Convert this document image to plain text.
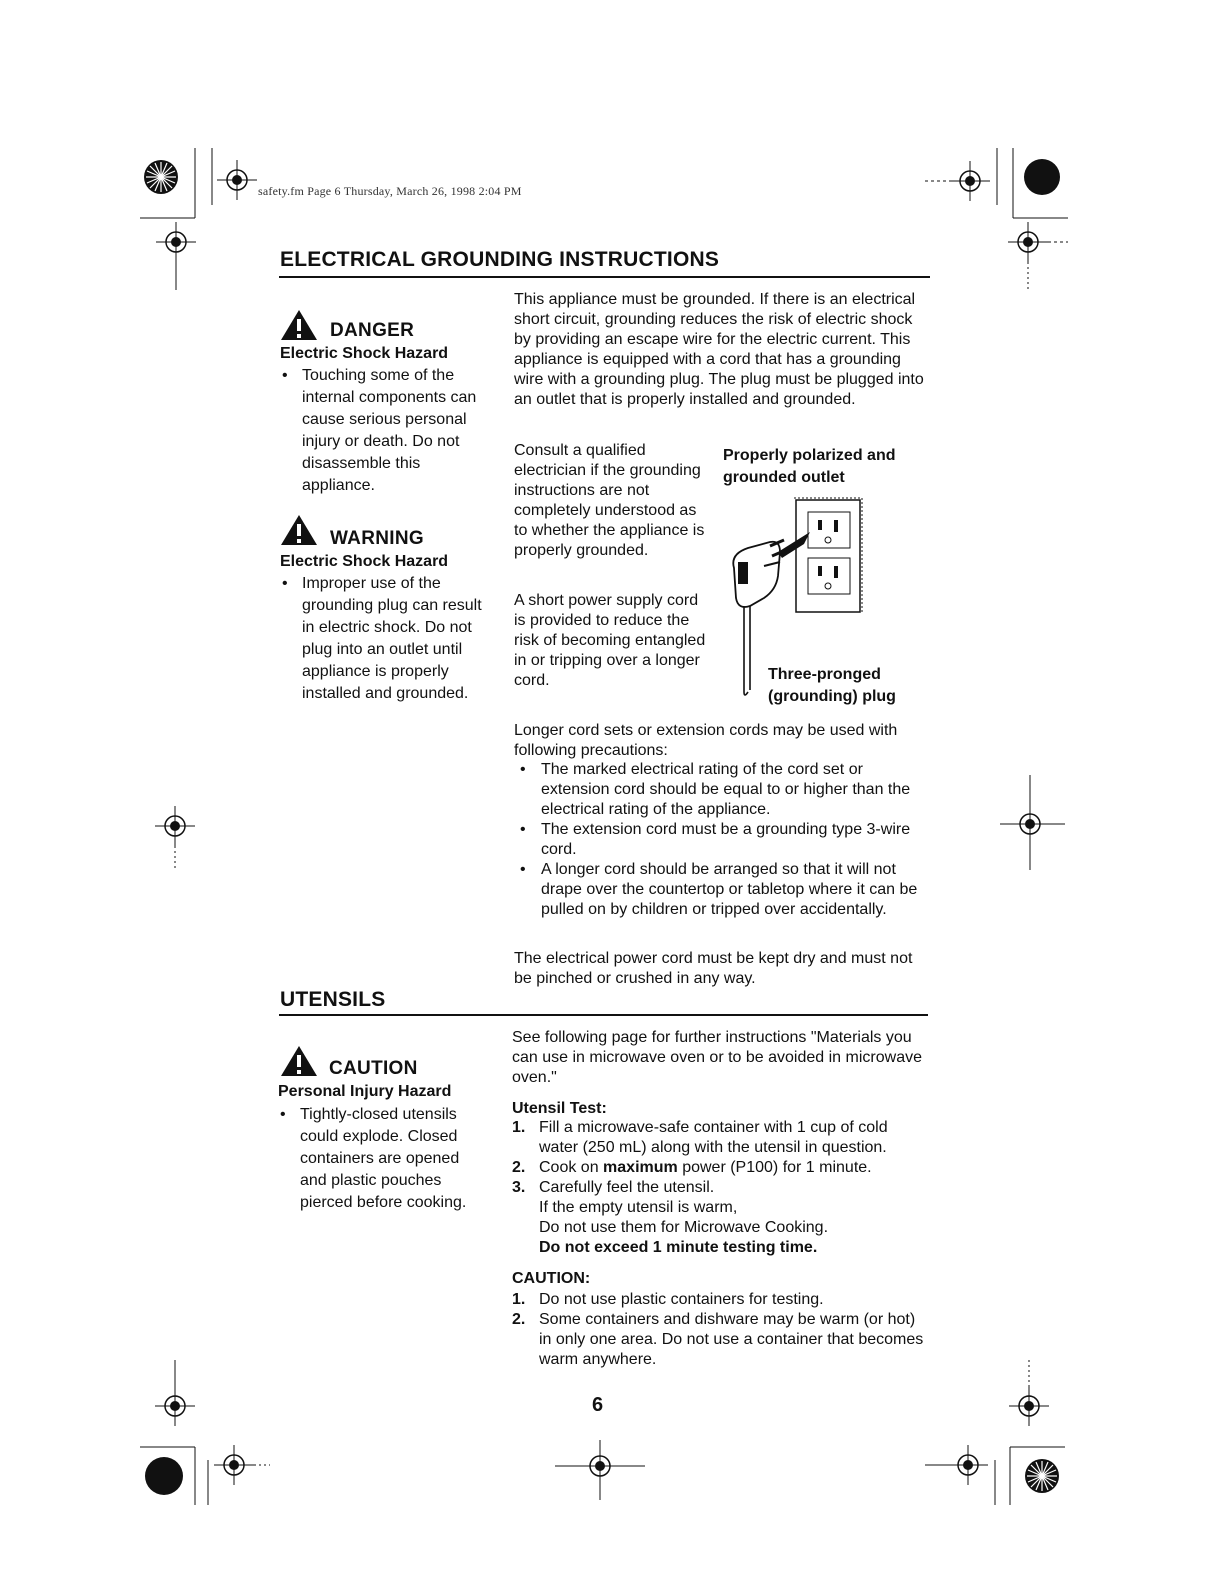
safety.fm Page 6 Thursday, March 26, 1998 2:04 PM
ELECTRICAL GROUNDING INSTRUCTIONS
DANGER
Electric Shock Hazard
• Touching some of the internal components can cause serious personal injury or death. Do not disassemble this appliance.
WARNING
Electric Shock Hazard
• Improper use of the grounding plug can result in electric shock. Do not plug into an outlet until appliance is properly installed and grounded.

This appliance must be grounded. If there is an electrical short circuit, grounding reduces the risk of electric shock by providing an escape wire for the electric current. This appliance is equipped with a cord that has a grounding wire with a grounding plug. The plug must be plugged into an outlet that is properly installed and grounded.

Consult a qualified electrician if the grounding instructions are not completely understood as to whether the appliance is properly grounded.

A short power supply cord is provided to reduce the risk of becoming entangled in or tripping over a longer cord.

Properly polarized and grounded outlet
Three-pronged (grounding) plug

Longer cord sets or extension cords may be used with following precautions:

• The marked electrical rating of the cord set or extension cord should be equal to or higher than the electrical rating of the appliance.
• The extension cord must be a grounding type 3-wire cord.
• A longer cord should be arranged so that it will not drape over the countertop or tabletop where it can be pulled on by children or tripped over accidentally.

The electrical power cord must be kept dry and must not be pinched or crushed in any way.

UTENSILS
CAUTION
Personal Injury Hazard
• Tightly-closed utensils could explode. Closed containers are opened and plastic pouches pierced before cooking.

See following page for further instructions "Materials you can use in microwave oven or to be avoided in microwave oven."

Utensil Test:
1. Fill a microwave-safe container with 1 cup of cold water (250 mL) along with the utensil in question.
2. Cook on maximum power (P100) for 1 minute.
3. Carefully feel the utensil.
If the empty utensil is warm,
Do not use them for Microwave Cooking.
Do not exceed 1 minute testing time.
CAUTION:
1. Do not use plastic containers for testing.
2. Some containers and dishware may be warm (or hot) in only one area. Do not use a container that becomes warm anywhere.
6
